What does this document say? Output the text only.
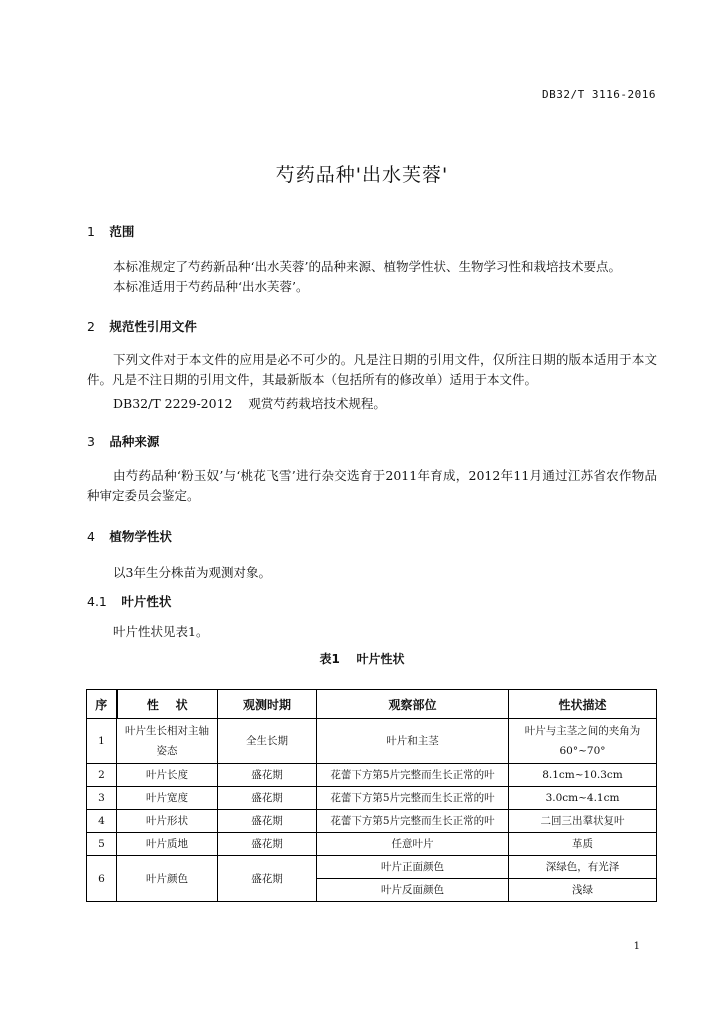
DB32/T 3116-2016
芍药品种'出水芙蓉'
1 范围
本标准规定了芍药新品种‘出水芙蓉’的品种来源、植物学性状、生物学习性和栽培技术要点。
本标准适用于芍药品种‘出水芙蓉’。
2 规范性引用文件
下列文件对于本文件的应用是必不可少的。凡是注日期的引用文件，仅所注日期的版本适用于本文件。凡是不注日期的引用文件，其最新版本（包括所有的修改单）适用于本文件。
DB32/T 2229-2012    观赏芍药栽培技术规程。
3 品种来源
由芍药品种‘粉玉奴’与‘桃花飞雪’进行杂交选育于2011年育成，2012年11月通过江苏省农作物品种审定委员会鉴定。
4 植物学性状
以3年生分株苗为观测对象。
4.1 叶片性状
叶片性状见表1。
表1    叶片性状
序	性    状	观测时期	观察部位	性状描述
1	叶片生长相对主轴姿态	全生长期	叶片和主茎	叶片与主茎之间的夹角为60°~70°
2	叶片长度	盛花期	花蕾下方第5片完整而生长正常的叶	8.1cm~10.3cm
3	叶片宽度	盛花期	花蕾下方第5片完整而生长正常的叶	3.0cm~4.1cm
4	叶片形状	盛花期	花蕾下方第5片完整而生长正常的叶	二回三出羣状复叶
5	叶片质地	盛花期	任意叶片	革质
6	叶片颜色	盛花期	叶片正面颜色	深绿色，有光泽
			叶片反面颜色	浅绿
1
